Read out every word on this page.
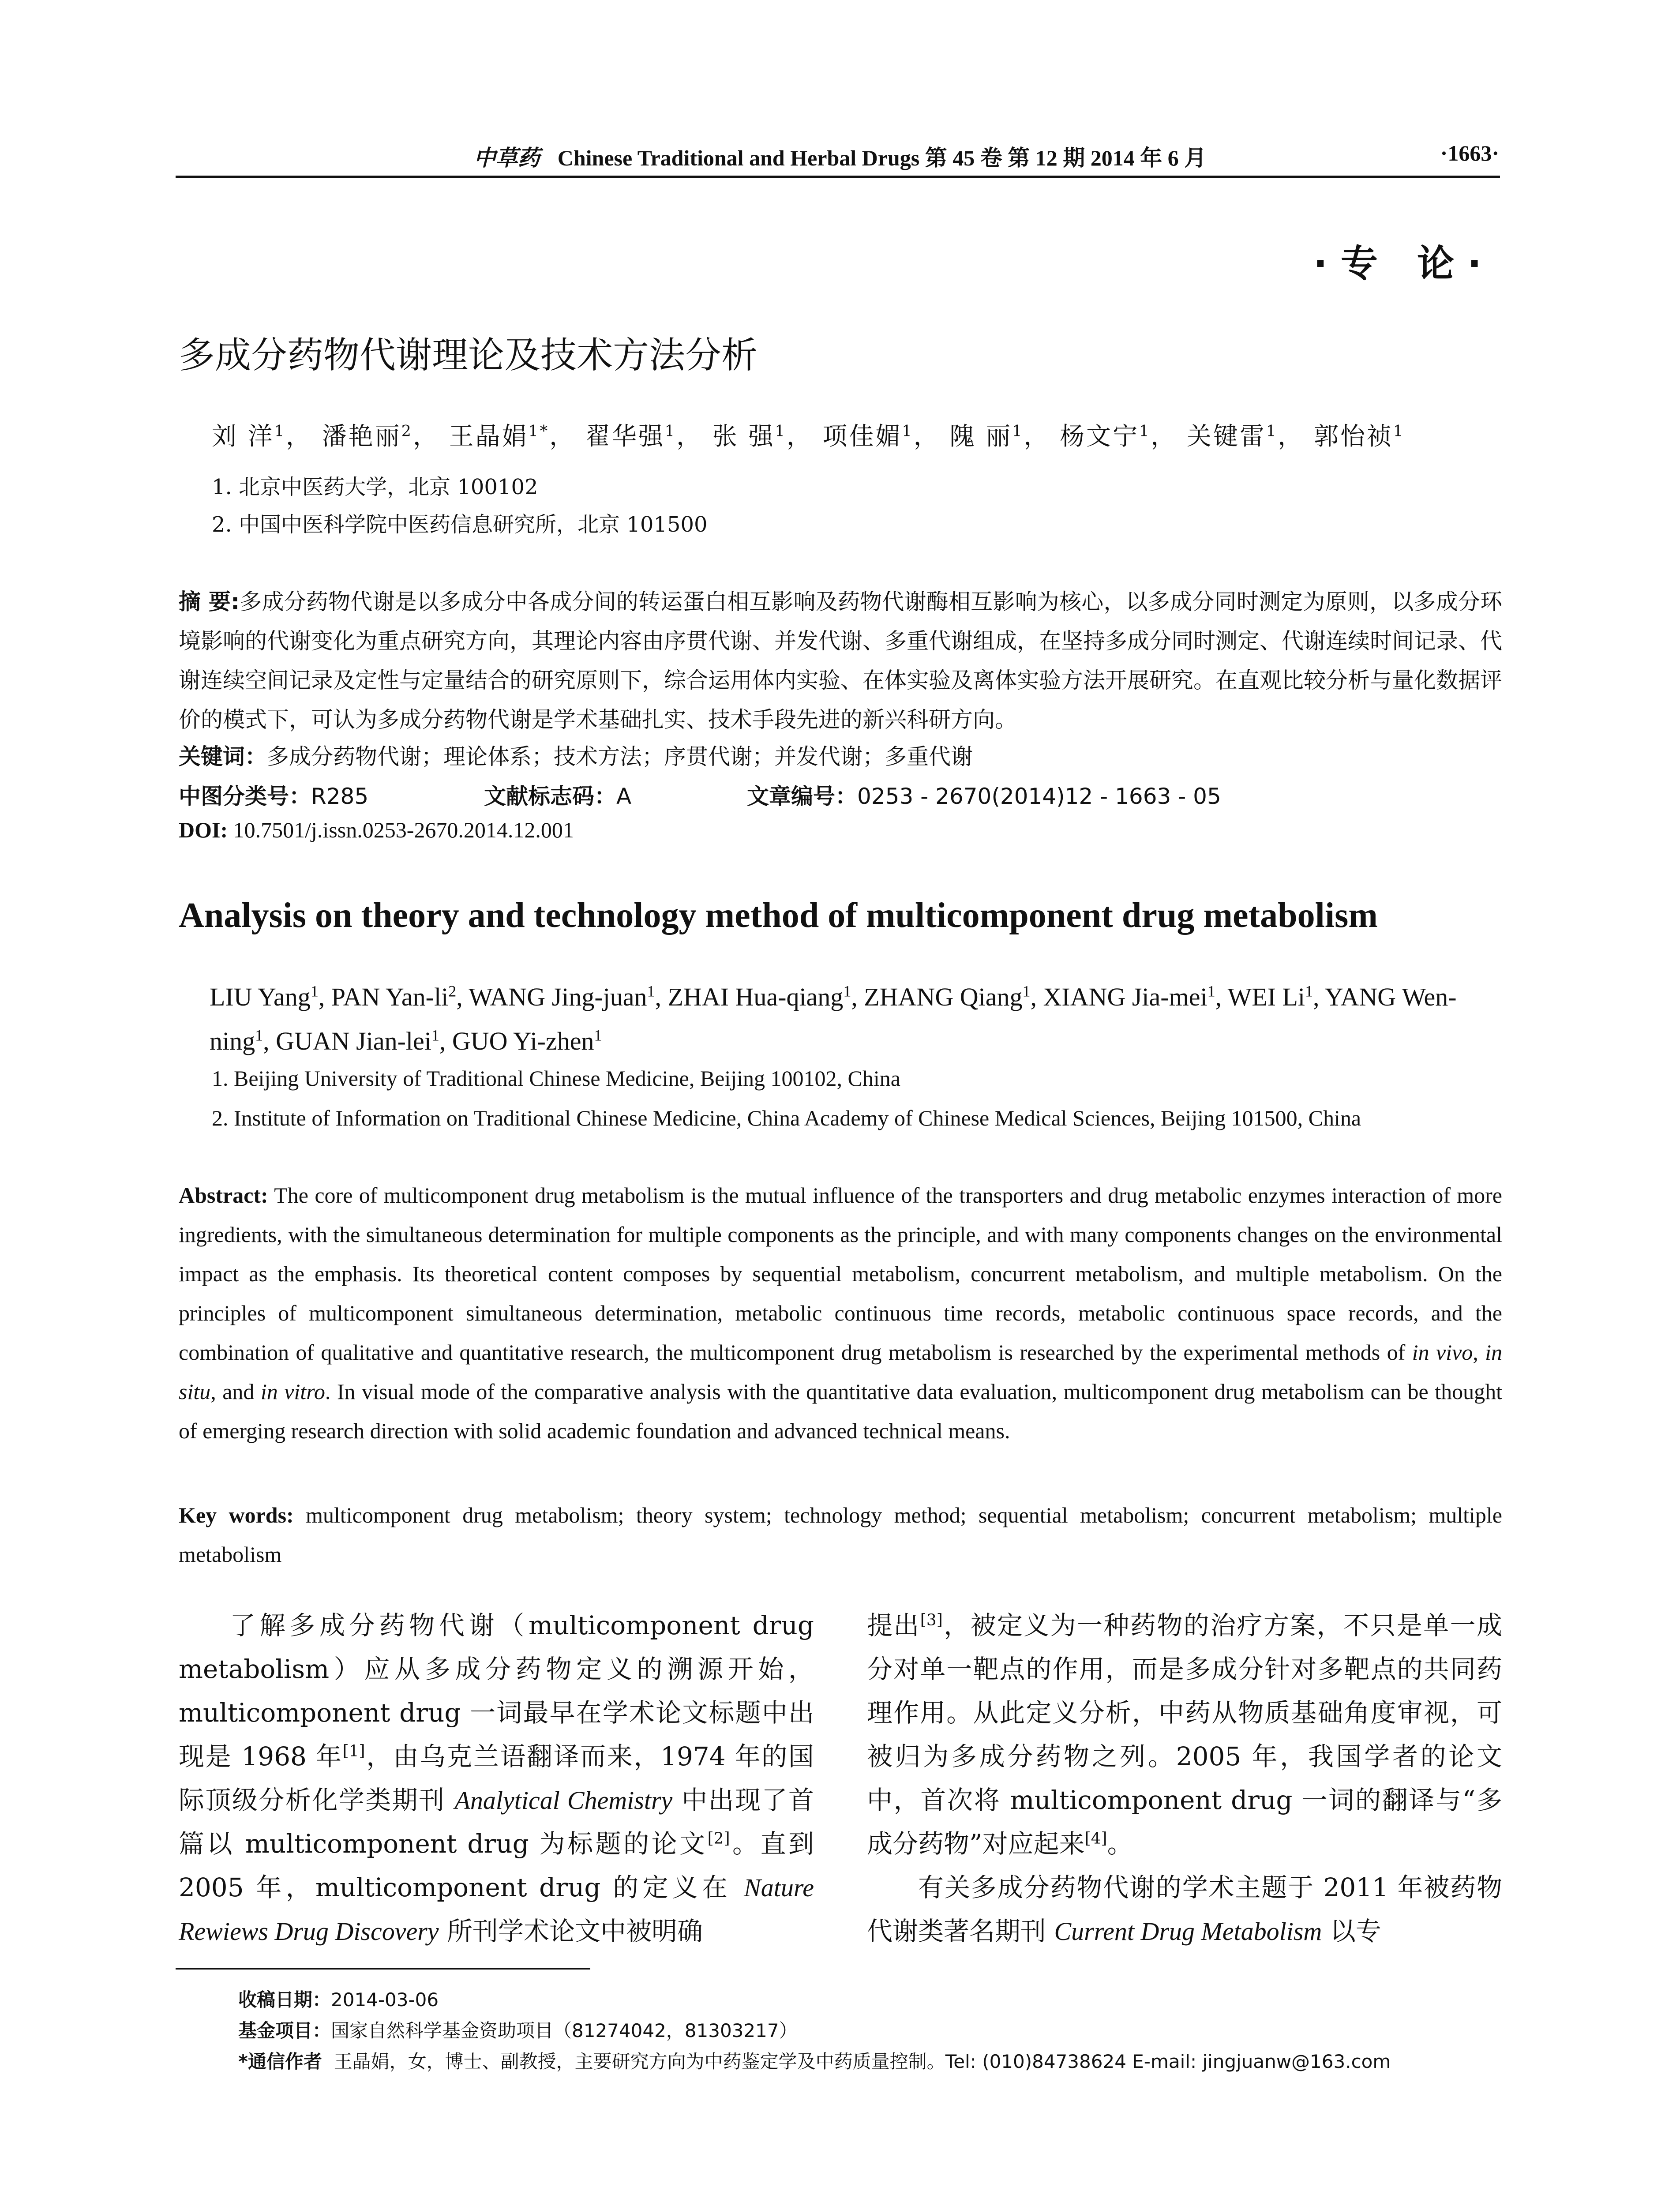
中草药 Chinese Traditional and Herbal Drugs 第 45 卷 第 12 期 2014 年 6 月	·1663·
·专 论·
多成分药物代谢理论及技术方法分析
刘 洋$^1$， 潘艳丽$^2$， 王晶娟$^{1*}$， 翟华强$^1$， 张 强$^1$， 项佳媚$^1$， 隗 丽$^1$， 杨文宁$^1$， 关键雷$^1$， 郭怡祯$^1$
1. 北京中医药大学，北京 100102
2. 中国中医科学院中医药信息研究所，北京 101500
摘 要:多成分药物代谢是以多成分中各成分间的转运蛋白相互影响及药物代谢酶相互影响为核心，以多成分同时测定为原则，以多成分环境影响的代谢变化为重点研究方向，其理论内容由序贯代谢、并发代谢、多重代谢组成，在坚持多成分同时测定、代谢连续时间记录、代谢连续空间记录及定性与定量结合的研究原则下，综合运用体内实验、在体实验及离体实验方法开展研究。在直观比较分析与量化数据评价的模式下，可认为多成分药物代谢是学术基础扎实、技术手段先进的新兴科研方向。
关键词：多成分药物代谢；理论体系；技术方法；序贯代谢；并发代谢；多重代谢
中图分类号：R285	文献标志码：A	文章编号：0253 - 2670(2014)12 - 1663 - 05
DOI: 10.7501/j.issn.0253-2670.2014.12.001
Analysis on theory and technology method of multicomponent drug metabolism
LIU Yang$^1$, PAN Yan-$li^2$, WANG Jing-juan$^1$, ZHAI Hua-qiang$^1$, ZHANG Qiang$^1$, XIANG Jia-mei$^1$, WEI Li$^1$, YANG Wen-ning$^1$, GUAN Jian-lei$^1$, GUO Yi-zhen$^1$
1. Beijing University of Traditional Chinese Medicine, Beijing 100102, China
2. Institute of Information on Traditional Chinese Medicine, China Academy of Chinese Medical Sciences, Beijing 101500, China
Abstract: The core of multicomponent drug metabolism is the mutual influence of the transporters and drug metabolic enzymes interaction of more ingredients, with the simultaneous determination for multiple components as the principle, and with many components changes on the environmental impact as the emphasis. Its theoretical content composes by sequential metabolism, concurrent metabolism, and multiple metabolism. On the principles of multicomponent simultaneous determination, metabolic continuous time records, metabolic continuous space records, and the combination of qualitative and quantitative research, the multicomponent drug metabolism is researched by the experimental methods of in vivo, in situ, and in vitro. In visual mode of the comparative analysis with the quantitative data evaluation, multicomponent drug metabolism can be thought of emerging research direction with solid academic foundation and advanced technical means.
Key words: multicomponent drug metabolism; theory system; technology method; sequential metabolism; concurrent metabolism; multiple metabolism

了解多成分药物代谢（multicomponent drug metabolism）应从多成分药物定义的溯源开始，multicomponent drug 一词最早在学术论文标题中出现是 1968 年[1]，由乌克兰语翻译而来，1974 年的国际顶级分析化学类期刊 Analytical Chemistry 中出现了首篇以 multicomponent drug 为标题的论文[2]。直到 2005 年，multicomponent drug 的定义在 Nature Rewiews Drug Discovery 所刊学术论文中被明确

提出[3]，被定义为一种药物的治疗方案，不只是单一成分对单一靶点的作用，而是多成分针对多靶点的共同药理作用。从此定义分析，中药从物质基础角度审视，可被归为多成分药物之列。2005 年，我国学者的论文中，首次将 multicomponent drug 一词的翻译与“多成分药物”对应起来[4]。

有关多成分药物代谢的学术主题于 2011 年被药物代谢类著名期刊 Current Drug Metabolism 以专

收稿日期：2014-03-06
基金项目：国家自然科学基金资助项目（81274042，81303217）
*通信作者 王晶娟，女，博士、副教授，主要研究方向为中药鉴定学及中药质量控制。Tel: (010)84738624 E-mail: jingjuanw@163.com
